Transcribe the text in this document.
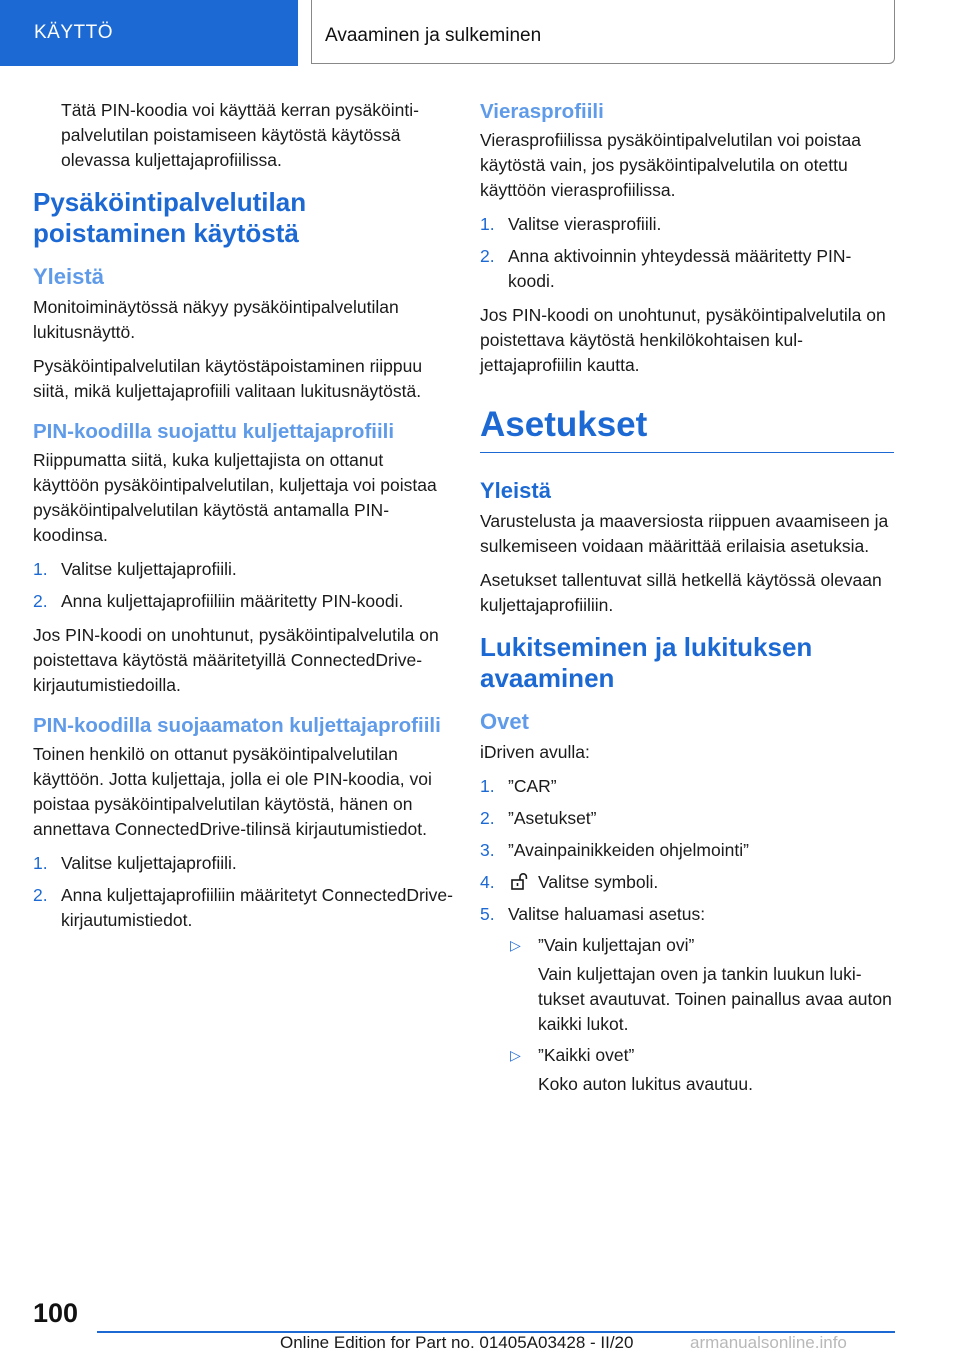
KÄYTTÖ	Avaaminen ja sulkeminen

Tätä PIN-koodia voi käyttää kerran pysäköintipalvelutilan poistamiseen käytöstä käytössä olevassa kuljettajaprofiilissa.

Pysäköintipalvelutilan poistaminen käytöstä
Yleistä

Monitoiminäytössä näkyy pysäköintipalvelutilan lukitusnäyttö.

Pysäköintipalvelutilan käytöstäpoistaminen riippuu siitä, mikä kuljettajaprofiili valitaan lukitusnäytöstä.

PIN-koodilla suojattu kuljettajaprofiili

Riippumatta siitä, kuka kuljettajista on ottanut käyttöön pysäköintipalvelutilan, kuljettaja voi poistaa pysäköintipalvelutilan käytöstä antamalla PIN-koodinsa.

1. Valitse kuljettajaprofiili.
2. Anna kuljettajaprofiiliin määritetty PIN-koodi.

Jos PIN-koodi on unohtunut, pysäköintipalvelutila on poistettava käytöstä määritetyillä ConnectedDrive-kirjautumistiedoilla.

PIN-koodilla suojaamaton kuljettajaprofiili

Toinen henkilö on ottanut pysäköintipalvelutilan käyttöön. Jotta kuljettaja, jolla ei ole PIN-koodia, voi poistaa pysäköintipalvelutilan käytöstä, hänen on annettava ConnectedDrive-tilinsä kirjautumistiedot.

1. Valitse kuljettajaprofiili.
2. Anna kuljettajaprofiiliin määritetyt ConnectedDrive-kirjautumistiedot.
Vierasprofiili

Vierasprofiilissa pysäköintipalvelutilan voi poistaa käytöstä vain, jos pysäköintipalvelutila on otettu käyttöön vierasprofiilissa.

1. Valitse vierasprofiili.
2. Anna aktivoinnin yhteydessä määritetty PIN-koodi.

Jos PIN-koodi on unohtunut, pysäköintipalvelutila on poistettava käytöstä henkilökohtaisen kuljettajaprofiilin kautta.

Asetukset
Yleistä

Varustelusta ja maaversiosta riippuen avaamiseen ja sulkemiseen voidaan määrittää erilaisia asetuksia.

Asetukset tallentuvat sillä hetkellä käytössä olevaan kuljettajaprofiiliin.

Lukitseminen ja lukituksen avaaminen
Ovet

iDriven avulla:

1. ”CAR”
2. ”Asetukset”
3. ”Avainpainikkeiden ohjelmointi”
4. Valitse symboli.
5. Valitse haluamasi asetus:
▷ ”Vain kuljettajan ovi”
Vain kuljettajan oven ja tankin luukun lukitukset avautuvat. Toinen painallus avaa auton kaikki lukot.
▷ ”Kaikki ovet”
Koko auton lukitus avautuu.
100
Online Edition for Part no. 01405A03428 - II/20	armanualsonline.info
